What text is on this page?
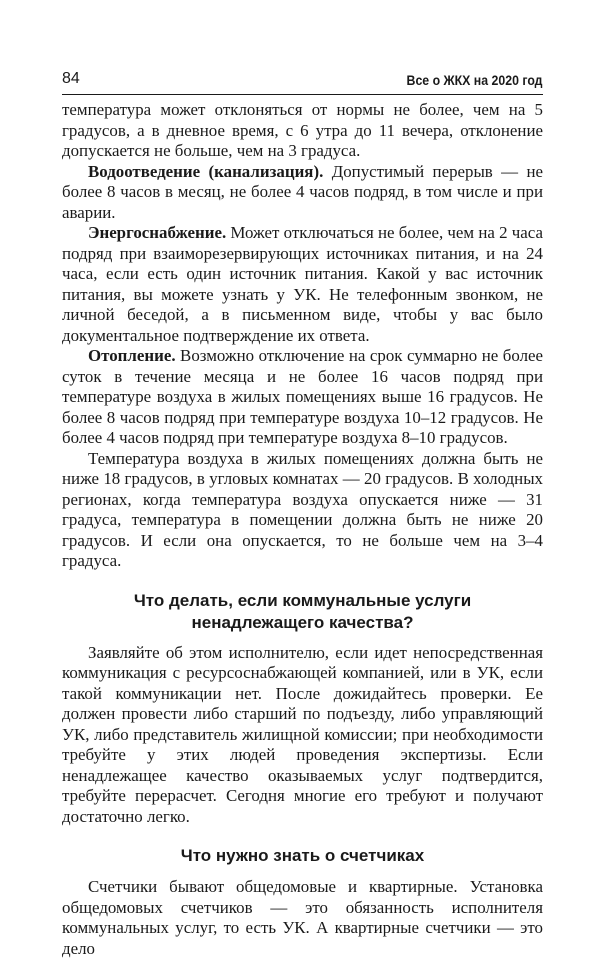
84	Все о ЖКХ на 2020 год

температура может отклоняться от нормы не более, чем на 5 градусов, а в дневное время, с 6 утра до 11 вечера, отклонение допускается не больше, чем на 3 градуса.

Водоотведение (канализация). Допустимый перерыв — не более 8 часов в месяц, не более 4 часов подряд, в том числе и при аварии.

Энергоснабжение. Может отключаться не более, чем на 2 часа подряд при взаиморезервирующих источниках питания, и на 24 часа, если есть один источник питания. Какой у вас источник питания, вы можете узнать у УК. Не телефонным звонком, не личной беседой, а в письменном виде, чтобы у вас было документальное подтверждение их ответа.

Отопление. Возможно отключение на срок суммарно не более суток в течение месяца и не более 16 часов подряд при температуре воздуха в жилых помещениях выше 16 градусов. Не более 8 часов подряд при температуре воздуха 10–12 градусов. Не более 4 часов подряд при температуре воздуха 8–10 градусов.

Температура воздуха в жилых помещениях должна быть не ниже 18 градусов, в угловых комнатах — 20 градусов. В холодных регионах, когда температура воздуха опускается ниже — 31 градуса, температура в помещении должна быть не ниже 20 градусов. И если она опускается, то не больше чем на 3–4 градуса.

Что делать, если коммунальные услуги
ненадлежащего качества?

Заявляйте об этом исполнителю, если идет непосредственная коммуникация с ресурсоснабжающей компанией, или в УК, если такой коммуникации нет. После дожидайтесь проверки. Ее должен провести либо старший по подъезду, либо управляющий УК, либо представитель жилищной комиссии; при необходимости требуйте у этих людей проведения экспертизы. Если ненадлежащее качество оказываемых услуг подтвердится, требуйте перерасчет. Сегодня многие его требуют и получают достаточно легко.

Что нужно знать о счетчиках

Счетчики бывают общедомовые и квартирные. Установка общедомовых счетчиков — это обязанность исполнителя коммунальных услуг, то есть УК. А квартирные счетчики — это дело
